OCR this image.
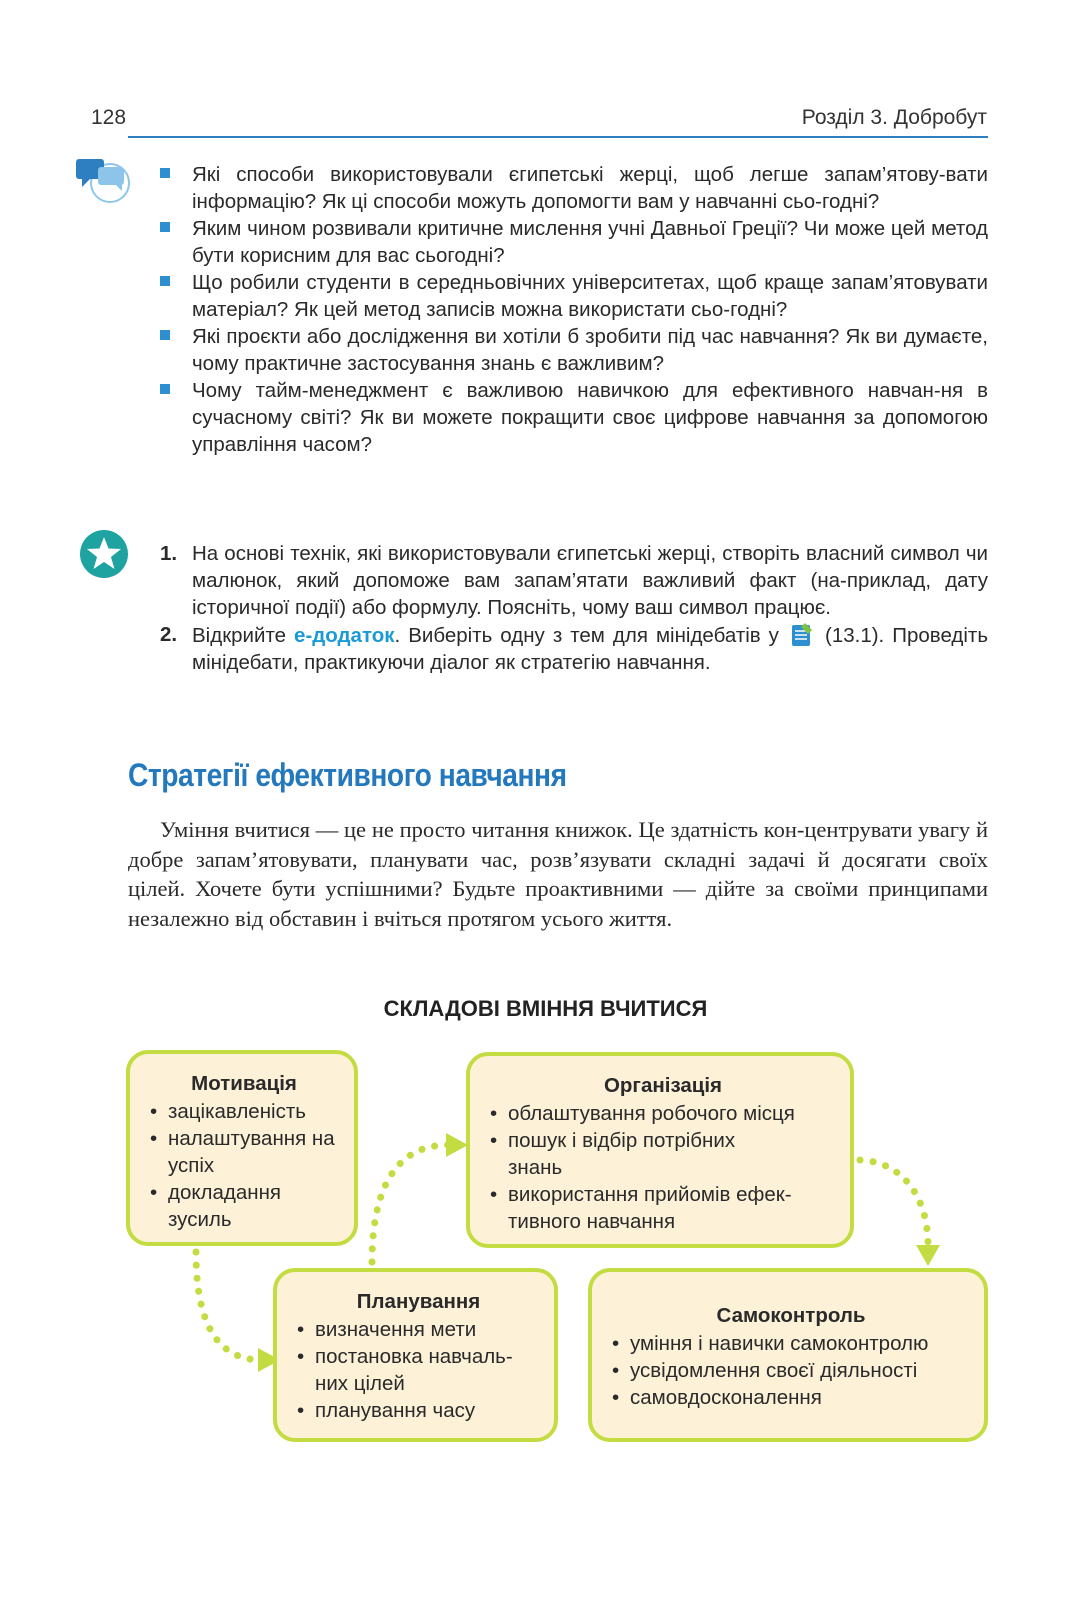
128	Розділ 3. Добробут
Які способи використовували єгипетські жерці, щоб легше запам’ятову-вати інформацію? Як ці способи можуть допомогти вам у навчанні сьо-годні?
Яким чином розвивали критичне мислення учні Давньої Греції? Чи може цей метод бути корисним для вас сьогодні?
Що робили студенти в середньовічних університетах, щоб краще запам’ятовувати матеріал? Як цей метод записів можна використати сьо-годні?
Які проєкти або дослідження ви хотіли б зробити під час навчання? Як ви думаєте, чому практичне застосування знань є важливим?
Чому тайм-менеджмент є важливою навичкою для ефективного навчан-ня в сучасному світі? Як ви можете покращити своє цифрове навчання за допомогою управління часом?
1. На основі технік, які використовували єгипетські жерці, створіть власний символ чи малюнок, який допоможе вам запам’ятати важливий факт (на-приклад, дату історичної події) або формулу. Поясніть, чому ваш символ працює.
2. Відкрийте е-додаток. Виберіть одну з тем для мінідебатів у (13.1). Проведіть мінідебати, практикуючи діалог як стратегію навчання.
Стратегії ефективного навчання
Уміння вчитися — це не просто читання книжок. Це здатність кон-центрувати увагу й добре запам’ятовувати, планувати час, розв’язувати складні задачі й досягати своїх цілей. Хочете бути успішними? Будьте проактивними — дійте за своїми принципами незалежно від обставин і вчіться протягом усього життя.
СКЛАДОВІ ВМІННЯ ВЧИТИСЯ
Мотивація
• зацікавленість
• налаштування на успіх
• докладання зусиль
Організація
• облаштування робочого місця
• пошук і відбір потрібних знань
• використання прийомів ефек-тивного навчання
Планування
• визначення мети
• постановка навчаль-них цілей
• планування часу
Самоконтроль
• уміння і навички самоконтролю
• усвідомлення своєї діяльності
• самовдосконалення
